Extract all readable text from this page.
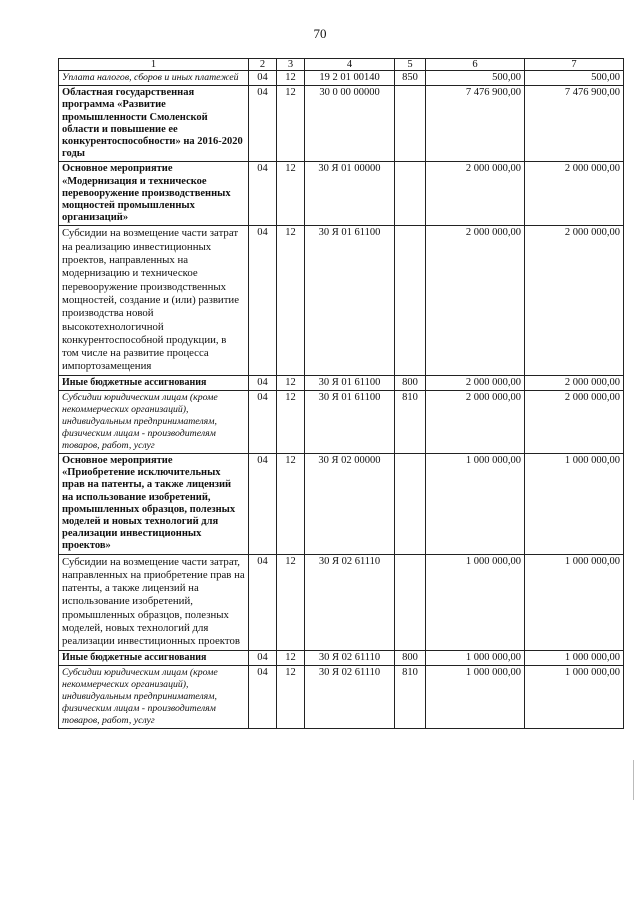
70
1	2	3	4	5	6	7
Уплата налогов, сборов и иных платежей	04	12	19 2 01 00140	850	500,00	500,00
Областная государственная программа «Развитие промышленности Смоленской области и повышение ее конкурентоспособности» на 2016-2020 годы	04	12	30 0 00 00000		7 476 900,00	7 476 900,00
Основное мероприятие «Модернизация и техническое перевооружение производственных мощностей промышленных организаций»	04	12	30 Я 01 00000		2 000 000,00	2 000 000,00
Субсидии на возмещение части затрат на реализацию инвестиционных проектов, направленных на модернизацию и техническое перевооружение производственных мощностей, создание и (или) развитие производства новой высокотехнологичной конкурентоспособной продукции, в том числе на развитие процесса импортозамещения	04	12	30 Я 01 61100		2 000 000,00	2 000 000,00
Иные бюджетные ассигнования	04	12	30 Я 01 61100	800	2 000 000,00	2 000 000,00
Субсидии юридическим лицам (кроме некоммерческих организаций), индивидуальным предпринимателям, физическим лицам - производителям товаров, работ, услуг	04	12	30 Я 01 61100	810	2 000 000,00	2 000 000,00
Основное мероприятие «Приобретение исключительных прав на патенты, а также лицензий на использование изобретений, промышленных образцов, полезных моделей и новых технологий для реализации инвестиционных проектов»	04	12	30 Я 02 00000		1 000 000,00	1 000 000,00
Субсидии на возмещение части затрат, направленных на приобретение прав на патенты, а также лицензий на использование изобретений, промышленных образцов, полезных моделей, новых технологий для реализации инвестиционных проектов	04	12	30 Я 02 61110		1 000 000,00	1 000 000,00
Иные бюджетные ассигнования	04	12	30 Я 02 61110	800	1 000 000,00	1 000 000,00
Субсидии юридическим лицам (кроме некоммерческих организаций), индивидуальным предпринимателям, физическим лицам - производителям товаров, работ, услуг	04	12	30 Я 02 61110	810	1 000 000,00	1 000 000,00
